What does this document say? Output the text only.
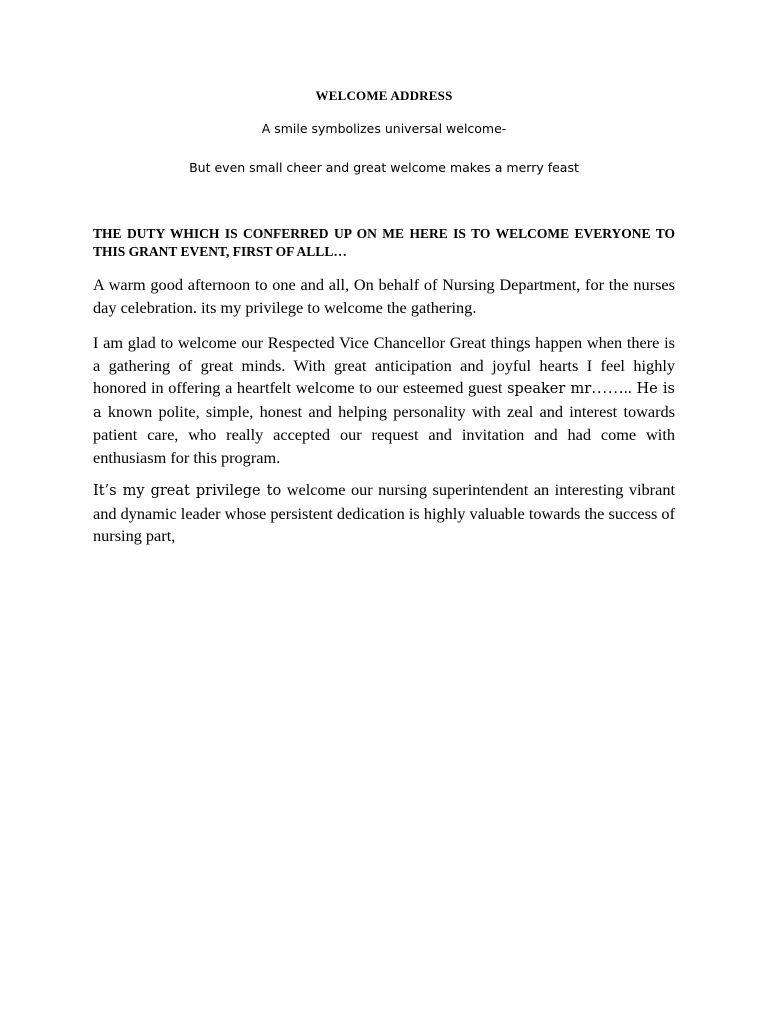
WELCOME ADDRESS
A smile symbolizes universal welcome-
But even small cheer and great welcome makes a merry feast
THE DUTY WHICH IS CONFERRED UP ON ME HERE IS TO WELCOME EVERYONE TO THIS GRANT EVENT, FIRST OF ALLL…
A warm good afternoon to one and all, On behalf of Nursing Department, for the nurses day celebration. its my privilege to welcome the gathering.
I am glad to welcome our Respected Vice Chancellor Great things happen when there is a gathering of great minds. With great anticipation and joyful hearts I feel highly honored in offering a heartfelt welcome to our esteemed guest speaker mr…….. He is a known polite, simple, honest and helping personality with zeal and interest towards patient care, who really accepted our request and invitation and had come with enthusiasm for this program.
It’s my great privilege to welcome our nursing superintendent an interesting vibrant and dynamic leader whose persistent dedication is highly valuable towards the success of nursing part,
